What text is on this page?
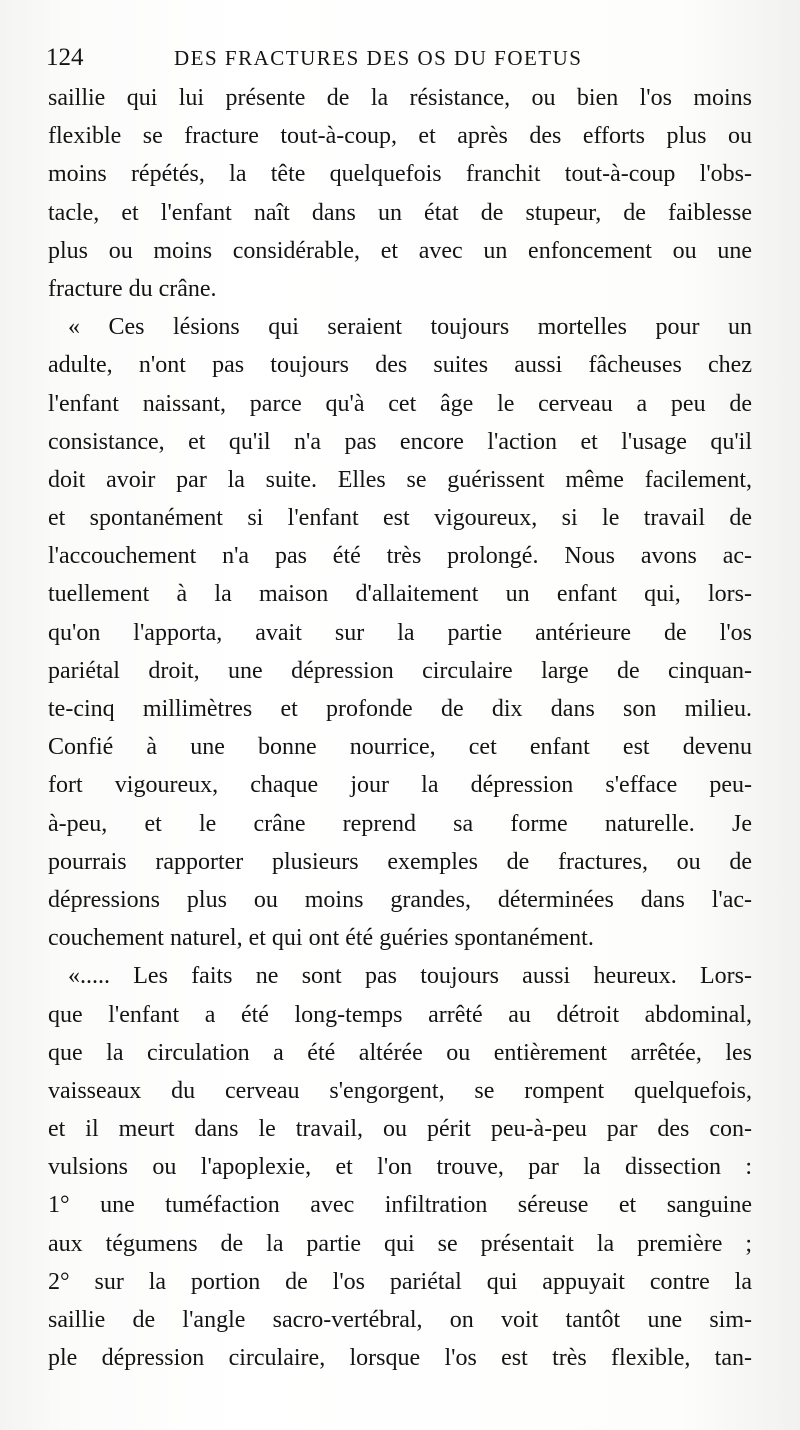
124	DES FRACTURES DES OS DU FOETUS
saillie qui lui présente de la résistance, ou bien l'os moins
flexible se fracture tout-à-coup, et après des efforts plus ou
moins répétés, la tête quelquefois franchit tout-à-coup l'obs-
tacle, et l'enfant naît dans un état de stupeur, de faiblesse
plus ou moins considérable, et avec un enfoncement ou une
fracture du crâne.
« Ces lésions qui seraient toujours mortelles pour un
adulte, n'ont pas toujours des suites aussi fâcheuses chez
l'enfant naissant, parce qu'à cet âge le cerveau a peu de
consistance, et qu'il n'a pas encore l'action et l'usage qu'il
doit avoir par la suite. Elles se guérissent même facilement,
et spontanément si l'enfant est vigoureux, si le travail de
l'accouchement n'a pas été très prolongé. Nous avons ac-
tuellement à la maison d'allaitement un enfant qui, lors-
qu'on l'apporta, avait sur la partie antérieure de l'os
pariétal droit, une dépression circulaire large de cinquan-
te-cinq millimètres et profonde de dix dans son milieu.
Confié à une bonne nourrice, cet enfant est devenu
fort vigoureux, chaque jour la dépression s'efface peu-
à-peu, et le crâne reprend sa forme naturelle. Je
pourrais rapporter plusieurs exemples de fractures, ou de
dépressions plus ou moins grandes, déterminées dans l'ac-
couchement naturel, et qui ont été guéries spontanément.
«..... Les faits ne sont pas toujours aussi heureux. Lors-
que l'enfant a été long-temps arrêté au détroit abdominal,
que la circulation a été altérée ou entièrement arrêtée, les
vaisseaux du cerveau s'engorgent, se rompent quelquefois,
et il meurt dans le travail, ou périt peu-à-peu par des con-
vulsions ou l'apoplexie, et l'on trouve, par la dissection :
1° une tuméfaction avec infiltration séreuse et sanguine
aux tégumens de la partie qui se présentait la première ;
2° sur la portion de l'os pariétal qui appuyait contre la
saillie de l'angle sacro-vertébral, on voit tantôt une sim-
ple dépression circulaire, lorsque l'os est très flexible, tan-
